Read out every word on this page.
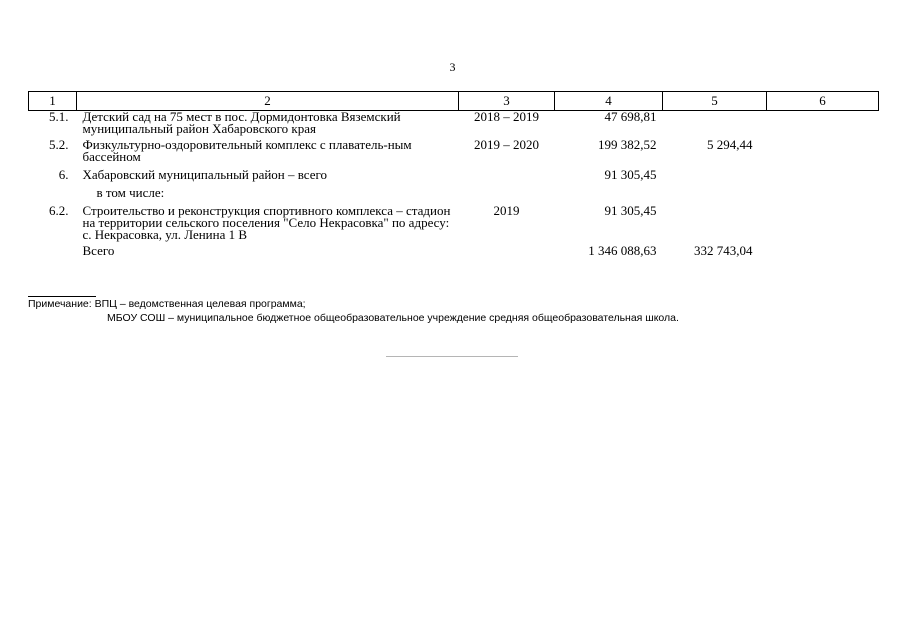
3
1	2	3	4	5	6
5.1.	Детский сад на 75 мест в пос. Дормидонтовка Вяземский муниципальный район Хабаровского края	2018 – 2019	47 698,81		
5.2.	Физкультурно-оздоровительный комплекс с плаватель-ным бассейном	2019 – 2020	199 382,52	5 294,44	
6.	Хабаровский муниципальный район – всего		91 305,45		
	в том числе:				
6.2.	Строительство и реконструкция спортивного комплекса – стадион на территории сельского поселения "Село Некрасовка" по адресу: с. Некрасовка, ул. Ленина 1 В	2019	91 305,45		
	Всего		1 346 088,63	332 743,04	
Примечание: ВПЦ – ведомственная целевая программа;
МБОУ СОШ – муниципальное бюджетное общеобразовательное учреждение средняя общеобразовательная школа.
